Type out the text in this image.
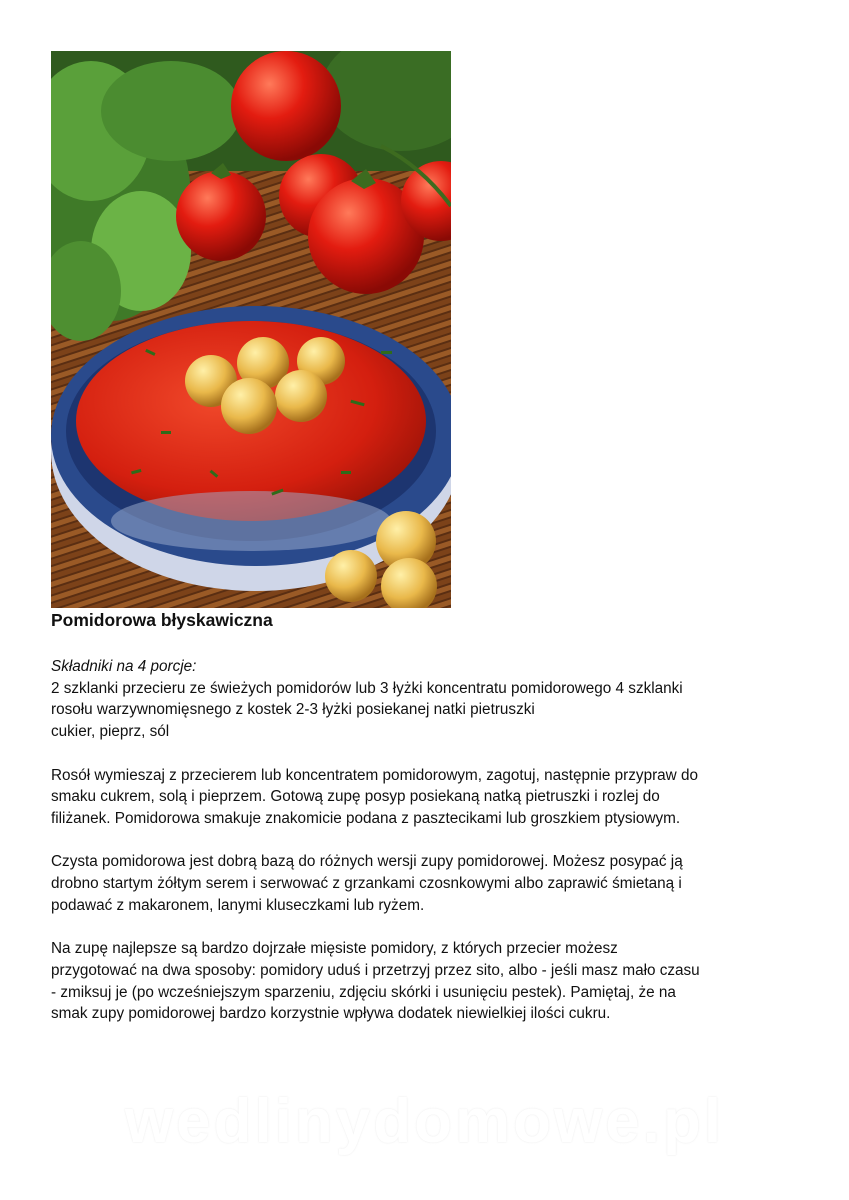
Pomidorowa błyskawiczna

Składniki na 4 porcje:
2 szklanki przecieru ze świeżych pomidorów lub 3 łyżki koncentratu pomidorowego 4 szklanki
rosołu warzywnomięsnego z kostek 2-3 łyżki posiekanej natki pietruszki
cukier, pieprz, sól

Rosół wymieszaj z przecierem lub koncentratem pomidorowym, zagotuj, następnie przypraw do
smaku cukrem, solą i pieprzem. Gotową zupę posyp posiekaną natką pietruszki i rozlej do
filiżanek. Pomidorowa smakuje znakomicie podana z pasztecikami lub groszkiem ptysiowym.

Czysta pomidorowa jest dobrą bazą do różnych wersji zupy pomidorowej. Możesz posypać ją
drobno startym żółtym serem i serwować z grzankami czosnkowymi albo zaprawić śmietaną i
podawać z makaronem, lanymi kluseczkami lub ryżem.

Na zupę najlepsze są bardzo dojrzałe mięsiste pomidory, z których przecier możesz
przygotować na dwa sposoby: pomidory uduś i przetrzyj przez sito, albo - jeśli masz mało czasu
- zmiksuj je (po wcześniejszym sparzeniu, zdjęciu skórki i usunięciu pestek). Pamiętaj, że na
smak zupy pomidorowej bardzo korzystnie wpływa dodatek niewielkiej ilości cukru.

wedlinydomowe.pl
